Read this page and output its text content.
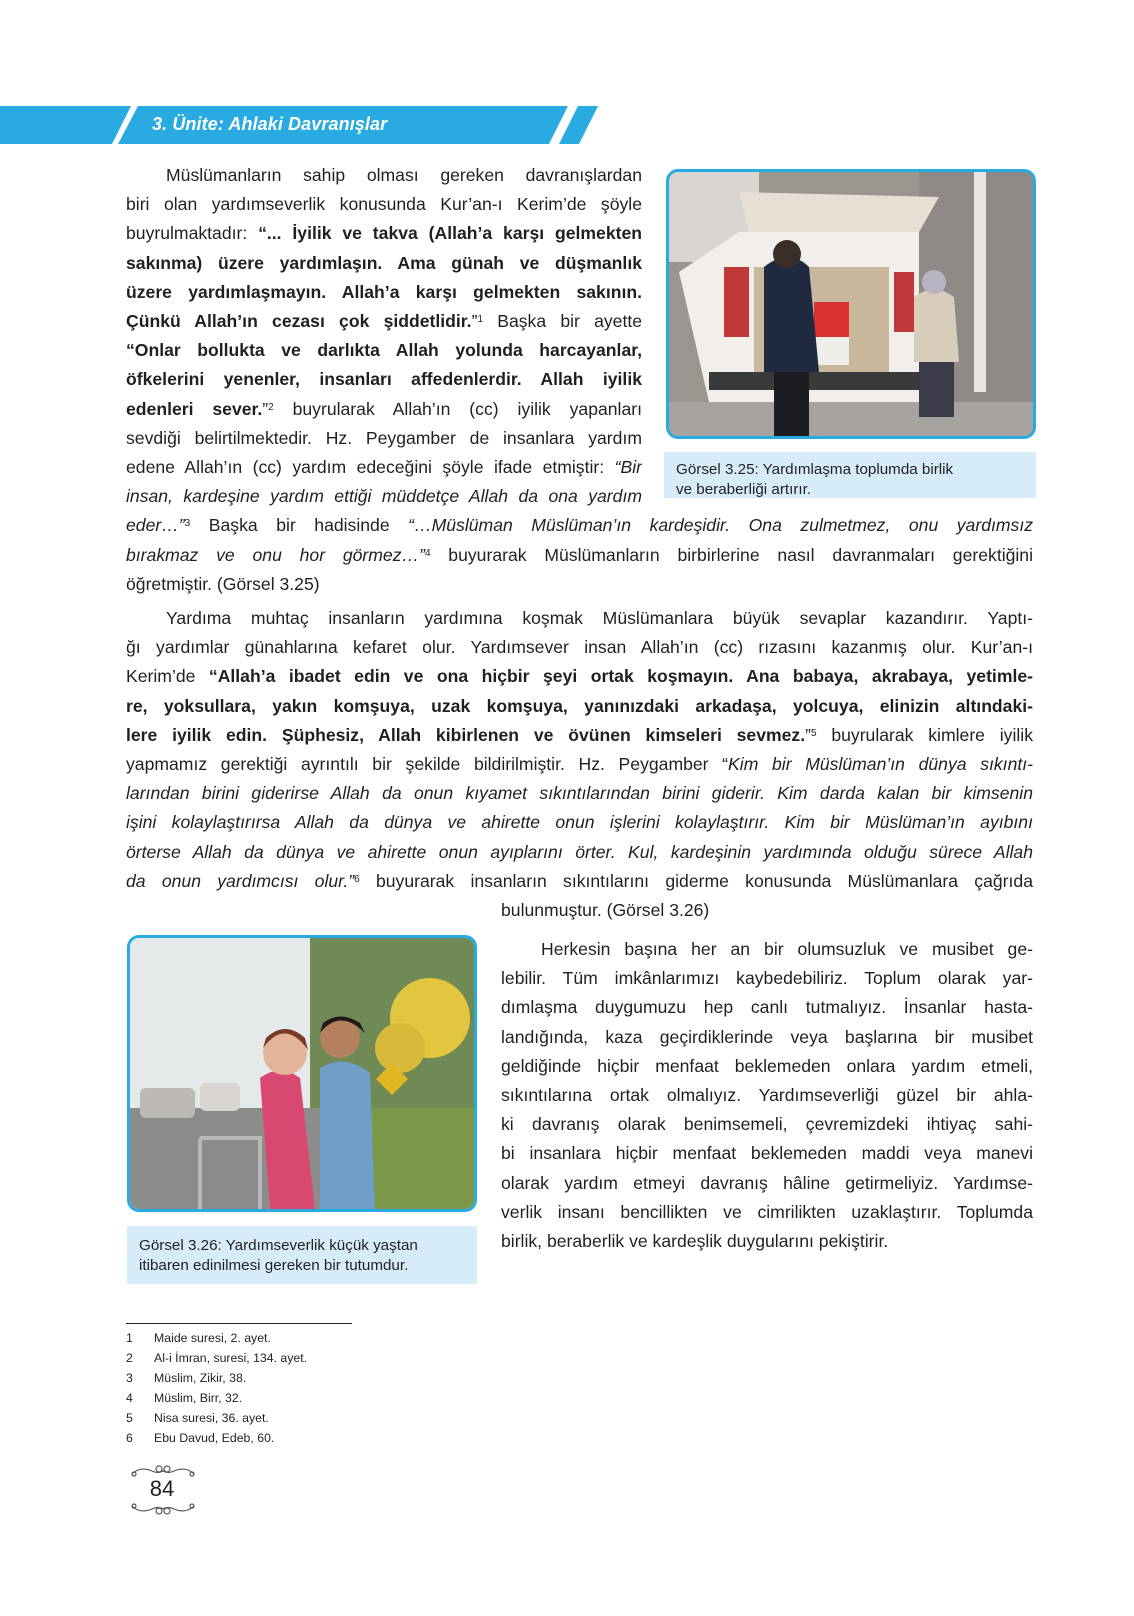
3. Ünite: Ahlaki Davranışlar
Müslümanların sahip olması gereken davranışlardan
biri olan yardımseverlik konusunda Kur’an-ı Kerim’de şöyle
buyrulmaktadır: “... İyilik ve takva (Allah’a karşı gelmekten
sakınma) üzere yardımlaşın. Ama günah ve düşmanlık
üzere yardımlaşmayın. Allah’a karşı gelmekten sakının.
Çünkü Allah’ın cezası çok şiddetlidir.”$^1$ Başka bir ayette
“Onlar bollukta ve darlıkta Allah yolunda harcayanlar,
öfkelerini yenenler, insanları affedenlerdir. Allah iyilik
edenleri sever.”$^2$ buyrularak Allah’ın (cc) iyilik yapanları
sevdiği belirtilmektedir. Hz. Peygamber de insanlara yardım
edene Allah’ın (cc) yardım edeceğini şöyle ifade etmiştir: “Bir
insan, kardeşine yardım ettiği müddetçe Allah da ona yardım
eder…”$^3$ Başka bir hadisinde “…Müslüman Müslüman’ın kardeşidir. Ona zulmetmez, onu yardımsız
bırakmaz ve onu hor görmez…”$^4$ buyurarak Müslümanların birbirlerine nasıl davranmaları gerektiğini
öğretmiştir. (Görsel 3.25)
Yardıma muhtaç insanların yardımına koşmak Müslümanlara büyük sevaplar kazandırır. Yaptı-
ğı yardımlar günahlarına kefaret olur. Yardımsever insan Allah’ın (cc) rızasını kazanmış olur. Kur’an-ı
Kerim’de “Allah’a ibadet edin ve ona hiçbir şeyi ortak koşmayın. Ana babaya, akrabaya, yetimle-
re, yoksullara, yakın komşuya, uzak komşuya, yanınızdaki arkadaşa, yolcuya, elinizin altındaki-
lere iyilik edin. Şüphesiz, Allah kibirlenen ve övünen kimseleri sevmez.”$^5$ buyrularak kimlere iyilik
yapmamız gerektiği ayrıntılı bir şekilde bildirilmiştir. Hz. Peygamber “Kim bir Müslüman’ın dünya sıkıntı-
larından birini giderirse Allah da onun kıyamet sıkıntılarından birini giderir. Kim darda kalan bir kimsenin
işini kolaylaştırırsa Allah da dünya ve ahirette onun işlerini kolaylaştırır. Kim bir Müslüman’ın ayıbını
örterse Allah da dünya ve ahirette onun ayıplarını örter. Kul, kardeşinin yardımında olduğu sürece Allah
da onun yardımcısı olur.”$^6$ buyurarak insanların sıkıntılarını giderme konusunda Müslümanlara çağrıda
bulunmuştur. (Görsel 3.26)
Herkesin başına her an bir olumsuzluk ve musibet ge-
lebilir. Tüm imkânlarımızı kaybedebiliriz. Toplum olarak yar-
dımlaşma duygumuzu hep canlı tutmalıyız. İnsanlar hasta-
landığında, kaza geçirdiklerinde veya başlarına bir musibet
geldiğinde hiçbir menfaat beklemeden onlara yardım etmeli,
sıkıntılarına ortak olmalıyız. Yardımseverliği güzel bir ahla-
ki davranış olarak benimsemeli, çevremizdeki ihtiyaç sahi-
bi insanlara hiçbir menfaat beklemeden maddi veya manevi
olarak yardım etmeyi davranış hâline getirmeliyiz. Yardımse-
verlik insanı bencillikten ve cimrilikten uzaklaştırır. Toplumda
birlik, beraberlik ve kardeşlik duygularını pekiştirir.
Görsel 3.25: Yardımlaşma toplumda birlik
ve beraberliği artırır.
Görsel 3.26: Yardımseverlik küçük yaştan
itibaren edinilmesi gereken bir tutumdur.
1 Maide suresi, 2. ayet.
2 Al-i İmran, suresi, 134. ayet.
3 Müslim, Zikir, 38.
4 Müslim, Birr, 32.
5 Nisa suresi, 36. ayet.
6 Ebu Davud, Edeb, 60.
84
